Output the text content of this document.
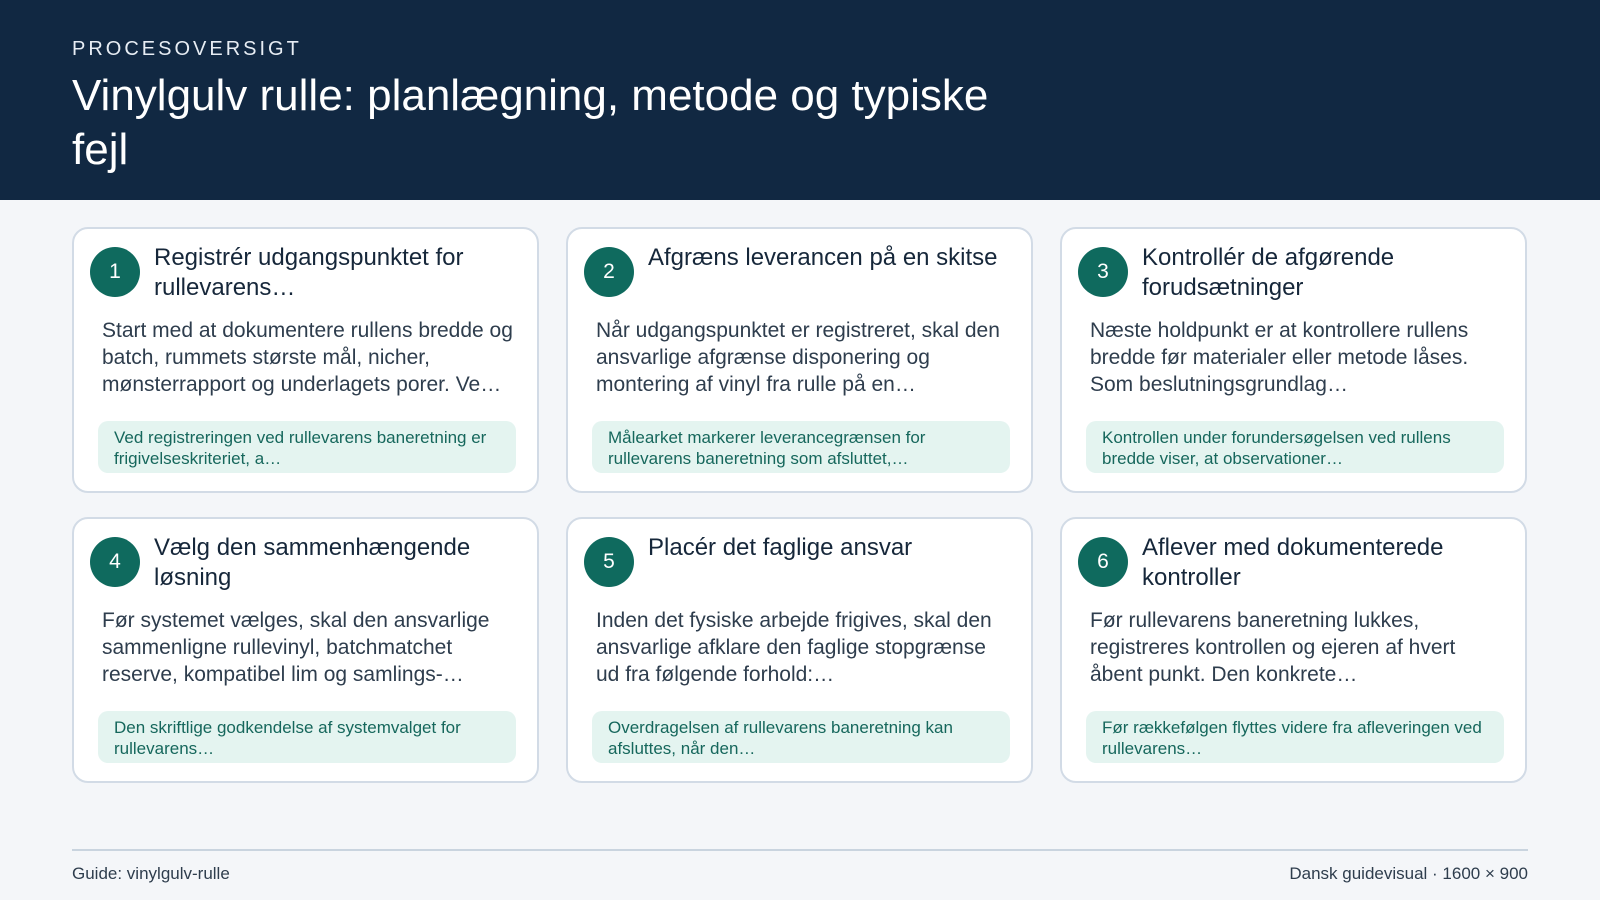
PROCESOVERSIGT
Vinylgulv rulle: planlægning, metode og typiske fejl
1
Registrér udgangspunktet for rullevarens…
Start med at dokumentere rullens bredde og batch, rummets største mål, nicher, mønsterrapport og underlagets porer. Ve…
Ved registreringen ved rullevarens baneretning er frigivelseskriteriet, a…
2
Afgræns leverancen på en skitse
Når udgangspunktet er registreret, skal den ansvarlige afgrænse disponering og montering af vinyl fra rulle på en…
Målearket markerer leverancegrænsen for rullevarens baneretning som afsluttet,…
3
Kontrollér de afgørende forudsætninger
Næste holdpunkt er at kontrollere rullens bredde før materialer eller metode låses. Som beslutningsgrundlag…
Kontrollen under forundersøgelsen ved rullens bredde viser, at observationer…
4
Vælg den sammenhængende løsning
Før systemet vælges, skal den ansvarlige sammenligne rullevinyl, batchmatchet reserve, kompatibel lim og samlings-…
Den skriftlige godkendelse af systemvalget for rullevarens…
5
Placér det faglige ansvar
Inden det fysiske arbejde frigives, skal den ansvarlige afklare den faglige stopgrænse ud fra følgende forhold:…
Overdragelsen af rullevarens baneretning kan afsluttes, når den…
6
Aflever med dokumenterede kontroller
Før rullevarens baneretning lukkes, registreres kontrollen og ejeren af hvert åbent punkt. Den konkrete…
Før rækkefølgen flyttes videre fra afleveringen ved rullevarens…
Guide: vinylgulv-rulle	Dansk guidevisual · 1600 × 900
